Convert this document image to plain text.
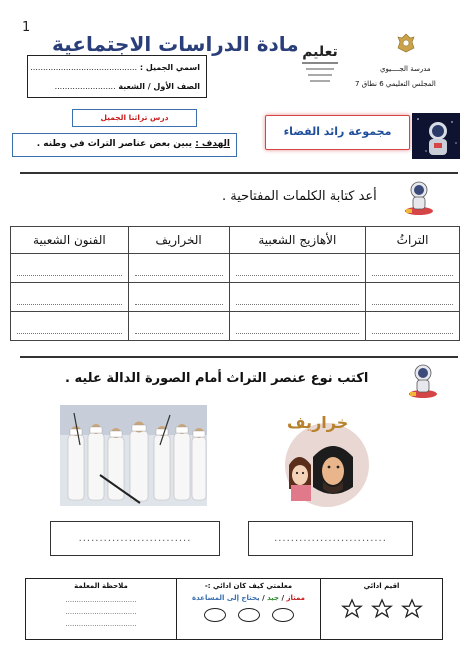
1
مادة الدراسات الاجتماعية تعليم
مدرسة الجــــيوي
المجلس التعليمي 6 نطاق 7
اسمي الجميل : ..........................................
الصف الأول / الشعبة ........................
درس تراثنا الجميل
الهدف : يبين بعض عناصر التراث في وطنه .
مجموعة رائد الفضاء
أعد كتابة الكلمات المفتاحية .
الفنون الشعبية	الخراريف	الأهازيج الشعبية	التراثُ

اكتب نوع عنصر التراث أمام الصورة الدالة عليه .
خراريف
...........................	...........................
اقيم ادائي
معلمتي كيف كان ادائي :-
ممتاز / جيد / يحتاج إلى المساعدة
ملاحظة المعلمة
................................
................................
................................
